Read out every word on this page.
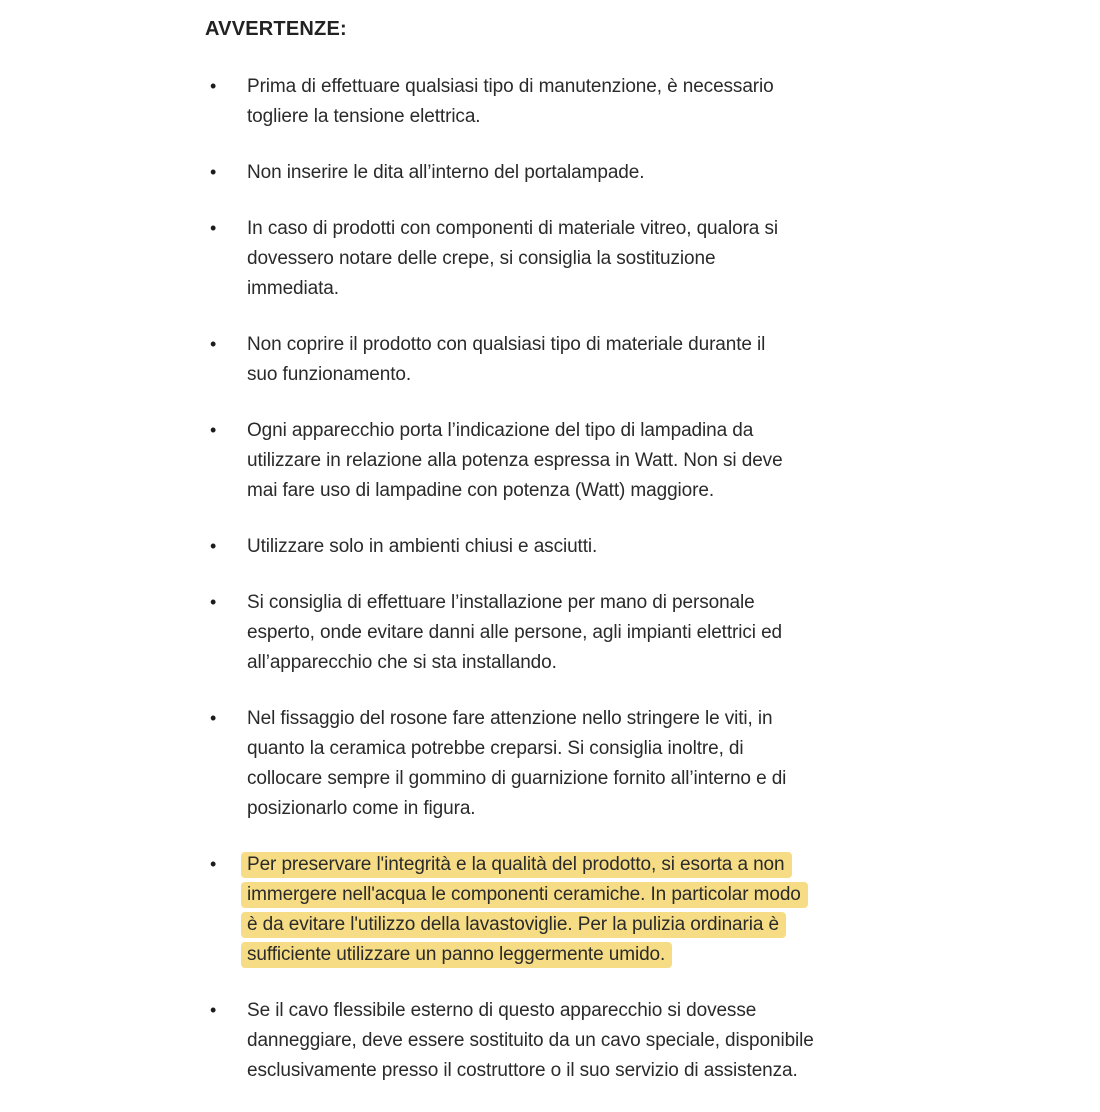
AVVERTENZE:
• Prima di effettuare qualsiasi tipo di manutenzione, è necessario
togliere la tensione elettrica.
• Non inserire le dita all’interno del portalampade.
• In caso di prodotti con componenti di materiale vitreo, qualora si
dovessero notare delle crepe, si consiglia la sostituzione
immediata.
• Non coprire il prodotto con qualsiasi tipo di materiale durante il
suo funzionamento.
• Ogni apparecchio porta l’indicazione del tipo di lampadina da
utilizzare in relazione alla potenza espressa in Watt. Non si deve
mai fare uso di lampadine con potenza (Watt) maggiore.
• Utilizzare solo in ambienti chiusi e asciutti.
• Si consiglia di effettuare l’installazione per mano di personale
esperto, onde evitare danni alle persone, agli impianti elettrici ed
all’apparecchio che si sta installando.
• Nel fissaggio del rosone fare attenzione nello stringere le viti, in
quanto la ceramica potrebbe creparsi. Si consiglia inoltre, di
collocare sempre il gommino di guarnizione fornito all’interno e di
posizionarlo come in figura.
• Per preservare l'integrità e la qualità del prodotto, si esorta a non
immergere nell'acqua le componenti ceramiche. In particolar modo
è da evitare l'utilizzo della lavastoviglie. Per la pulizia ordinaria è
sufficiente utilizzare un panno leggermente umido.
• Se il cavo flessibile esterno di questo apparecchio si dovesse
danneggiare, deve essere sostituito da un cavo speciale, disponibile
esclusivamente presso il costruttore o il suo servizio di assistenza.
